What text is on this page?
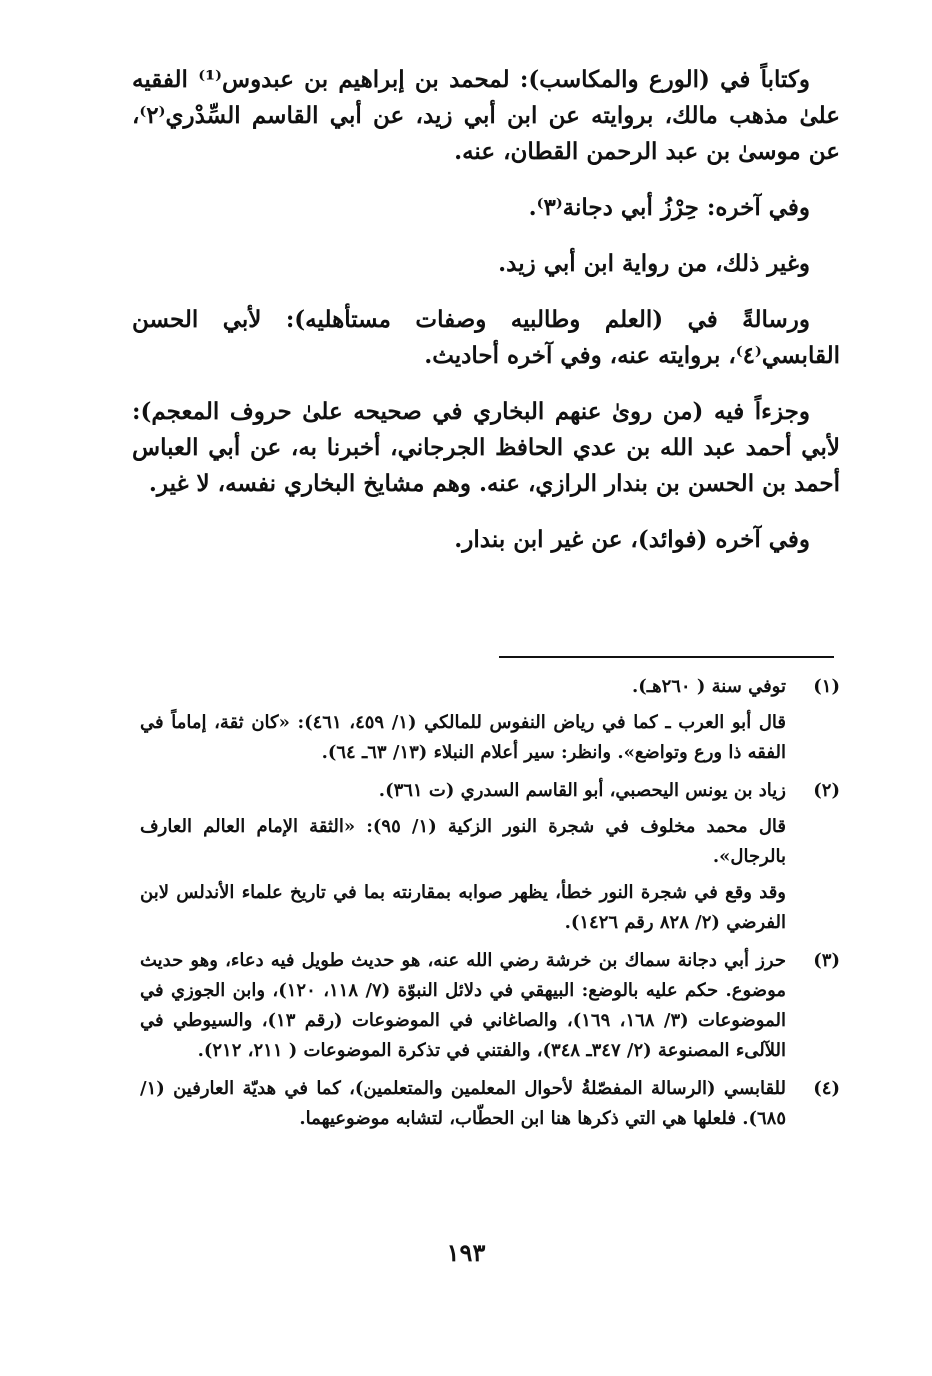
وكتاباً في (الورع والمكاسب): لمحمد بن إبراهيم بن عبدوس⁽¹⁾ الفقيه علىٰ مذهب مالك، بروايته عن ابن أبي زيد، عن أبي القاسم السِّدْري⁽٢⁾، عن موسىٰ بن عبد الرحمن القطان، عنه.

وفي آخره: حِرْزُ أبي دجانة⁽٣⁾.

وغير ذلك، من رواية ابن أبي زيد.

ورسالةً في (العلم وطالبيه وصفات مستأهليه): لأبي الحسن القابسي⁽٤⁾، بروايته عنه، وفي آخره أحاديث.

وجزءاً فيه (من روىٰ عنهم البخاري في صحيحه علىٰ حروف المعجم): لأبي أحمد عبد الله بن عدي الحافظ الجرجاني، أخبرنا به، عن أبي العباس أحمد بن الحسن بن بندار الرازي، عنه. وهم مشايخ البخاري نفسه، لا غير.

وفي آخره (فوائد)، عن غير ابن بندار.

(١)

توفي سنة ( ٢٦٠هـ).

قال أبو العرب ـ كما في رياض النفوس للمالكي (١/ ٤٥٩، ٤٦١): «كان ثقة، إماماً في الفقه ذا ورع وتواضع». وانظر: سير أعلام النبلاء (١٣/ ٦٣ـ ٦٤).

(٢)

زياد بن يونس اليحصبي، أبو القاسم السدري (ت ٣٦١).

قال محمد مخلوف في شجرة النور الزكية (١/ ٩٥): «الثقة الإمام العالم العارف بالرجال».

وقد وقع في شجرة النور خطأ، يظهر صوابه بمقارنته بما في تاريخ علماء الأندلس لابن الفرضي (٢/ ٨٢٨ رقم ١٤٢٦).

(٣)

حرز أبي دجانة سماك بن خرشة رضي الله عنه، هو حديث طويل فيه دعاء، وهو حديث موضوع. حكم عليه بالوضع: البيهقي في دلائل النبوّة (٧/ ١١٨، ١٢٠)، وابن الجوزي في الموضوعات (٣/ ١٦٨، ١٦٩)، والصاغاني في الموضوعات (رقم ١٣)، والسيوطي في اللآلىء المصنوعة (٢/ ٣٤٧ـ ٣٤٨)، والفتني في تذكرة الموضوعات ( ٢١١، ٢١٢).

(٤)

للقابسي (الرسالة المفصّلةُ لأحوال المعلمين والمتعلمين)، كما في هديّة العارفين (١/ ٦٨٥). فلعلها هي التي ذكرها هنا ابن الحطّاب، لتشابه موضوعيهما.

١٩٣
